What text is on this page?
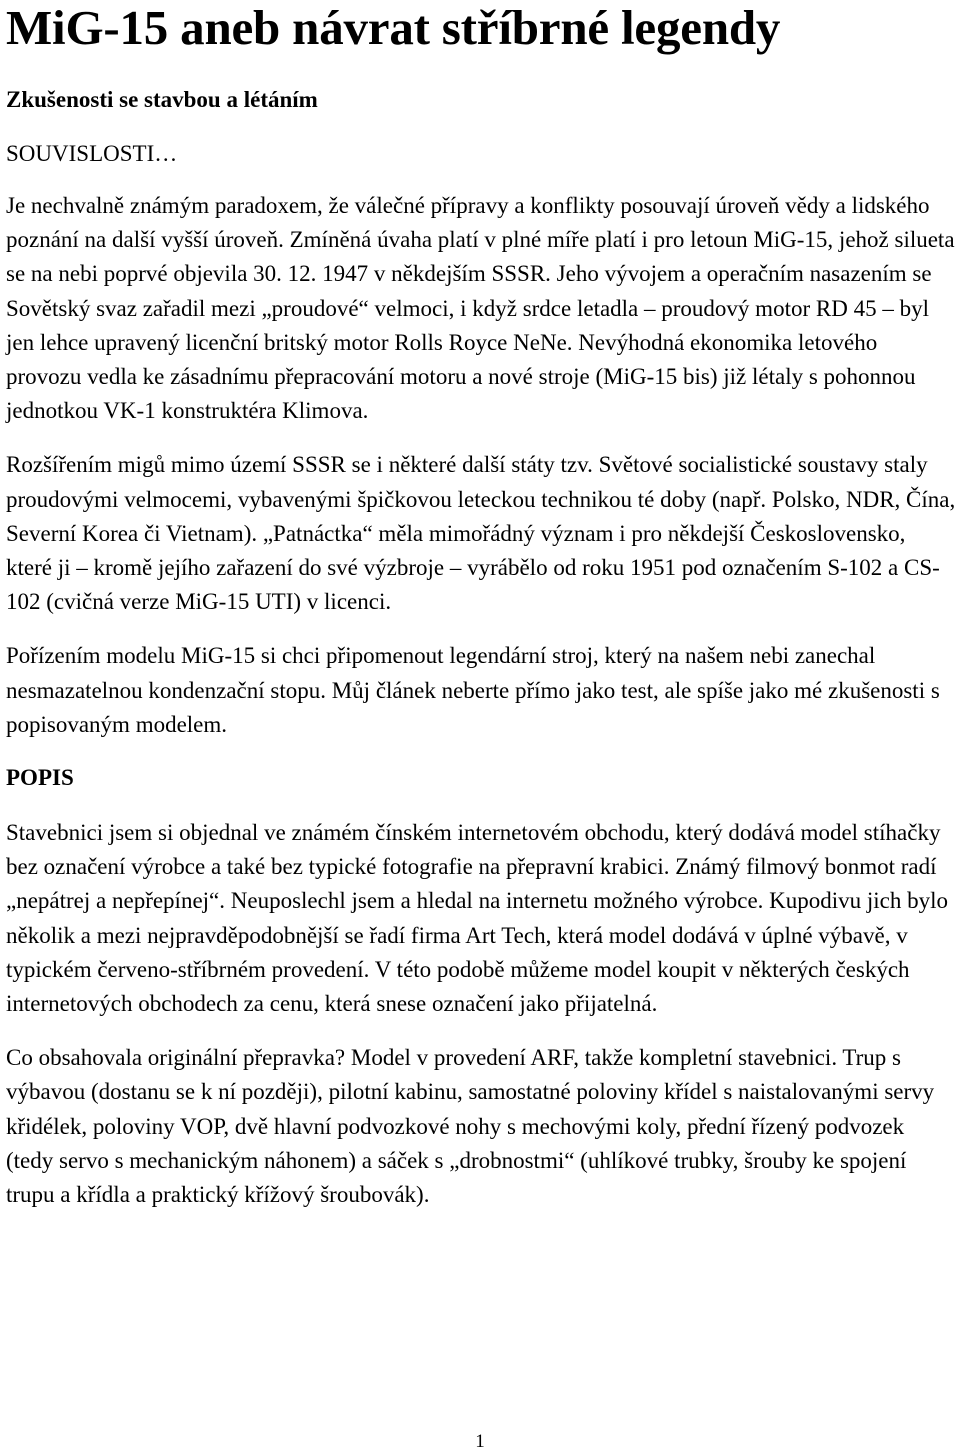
MiG-15 aneb návrat stříbrné legendy
Zkušenosti se stavbou a létáním
SOUVISLOSTI…

Je nechvalně známým paradoxem, že válečné přípravy a konflikty posouvají úroveň vědy a lidského poznání na další vyšší úroveň. Zmíněná úvaha platí v plné míře platí i pro letoun MiG-15, jehož silueta se na nebi poprvé objevila 30. 12. 1947 v někdejším SSSR. Jeho vývojem a operačním nasazením se Sovětský svaz zařadil mezi „proudové“ velmoci, i když srdce letadla – proudový motor RD 45 – byl jen lehce upravený licenční britský motor Rolls Royce NeNe. Nevýhodná ekonomika letového provozu vedla ke zásadnímu přepracování motoru a nové stroje (MiG-15 bis) již létaly s pohonnou jednotkou VK-1 konstruktéra Klimova.

Rozšířením migů mimo území SSSR se i některé další státy tzv. Světové socialistické soustavy staly proudovými velmocemi, vybavenými špičkovou leteckou technikou té doby (např. Polsko, NDR, Čína, Severní Korea či Vietnam). „Patnáctka“ měla mimořádný význam i pro někdejší Československo, které ji – kromě jejího zařazení do své výzbroje – vyrábělo od roku 1951 pod označením S-102 a CS-102 (cvičná verze MiG-15 UTI) v licenci.

Pořízením modelu MiG-15 si chci připomenout legendární stroj, který na našem nebi zanechal nesmazatelnou kondenzační stopu. Můj článek neberte přímo jako test, ale spíše jako mé zkušenosti s popisovaným modelem.

POPIS

Stavebnici jsem si objednal ve známém čínském internetovém obchodu, který dodává model stíhačky bez označení výrobce a také bez typické fotografie na přepravní krabici. Známý filmový bonmot radí „nepátrej a nepřepínej“. Neuposlechl jsem a hledal na internetu možného výrobce. Kupodivu jich bylo několik a mezi nejpravděpodobnější se řadí firma Art Tech, která model dodává v úplné výbavě, v typickém červeno-stříbrném provedení. V této podobě můžeme model koupit v některých českých internetových obchodech za cenu, která snese označení jako přijatelná.

Co obsahovala originální přepravka? Model v provedení ARF, takže kompletní stavebnici. Trup s výbavou (dostanu se k ní později), pilotní kabinu, samostatné poloviny křídel s naistalovanými servy křidélek, poloviny VOP, dvě hlavní podvozkové nohy s mechovými koly, přední řízený podvozek (tedy servo s mechanickým náhonem) a sáček s „drobnostmi“ (uhlíkové trubky, šrouby ke spojení trupu a křídla a praktický křížový šroubovák).

1
